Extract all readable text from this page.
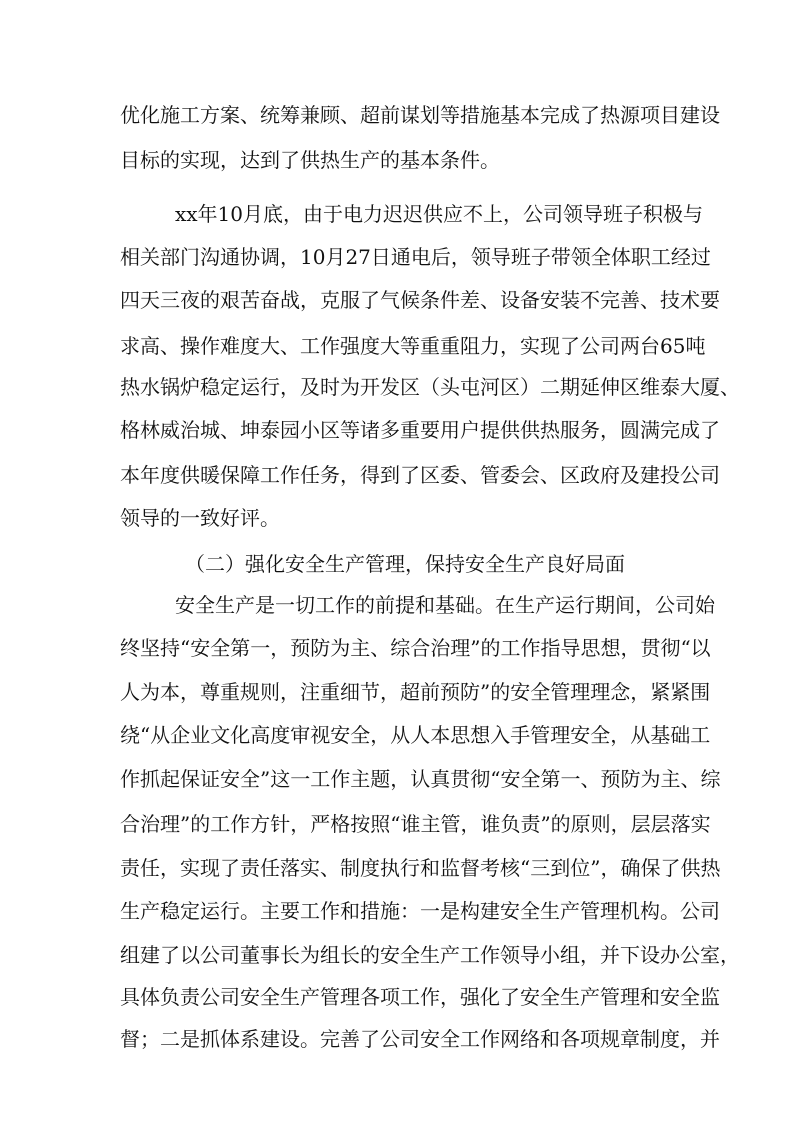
优化施工方案、统筹兼顾、超前谋划等措施基本完成了热源项目建设
目标的实现，达到了供热生产的基本条件。
xx年10月底，由于电力迟迟供应不上，公司领导班子积极与
相关部门沟通协调，10月27日通电后，领导班子带领全体职工经过
四天三夜的艰苦奋战，克服了气候条件差、设备安装不完善、技术要
求高、操作难度大、工作强度大等重重阻力，实现了公司两台65吨
热水锅炉稳定运行，及时为开发区（头屯河区）二期延伸区维泰大厦、
格林威治城、坤泰园小区等诸多重要用户提供供热服务，圆满完成了
本年度供暖保障工作任务，得到了区委、管委会、区政府及建投公司
领导的一致好评。
（二）强化安全生产管理，保持安全生产良好局面
安全生产是一切工作的前提和基础。在生产运行期间，公司始
终坚持“安全第一，预防为主、综合治理”的工作指导思想，贯彻“以
人为本，尊重规则，注重细节，超前预防”的安全管理理念，紧紧围
绕“从企业文化高度审视安全，从人本思想入手管理安全，从基础工
作抓起保证安全”这一工作主题，认真贯彻“安全第一、预防为主、综
合治理”的工作方针，严格按照“谁主管，谁负责”的原则，层层落实
责任，实现了责任落实、制度执行和监督考核“三到位”，确保了供热
生产稳定运行。主要工作和措施：一是构建安全生产管理机构。公司
组建了以公司董事长为组长的安全生产工作领导小组，并下设办公室，
具体负责公司安全生产管理各项工作，强化了安全生产管理和安全监
督；二是抓体系建设。完善了公司安全工作网络和各项规章制度，并
